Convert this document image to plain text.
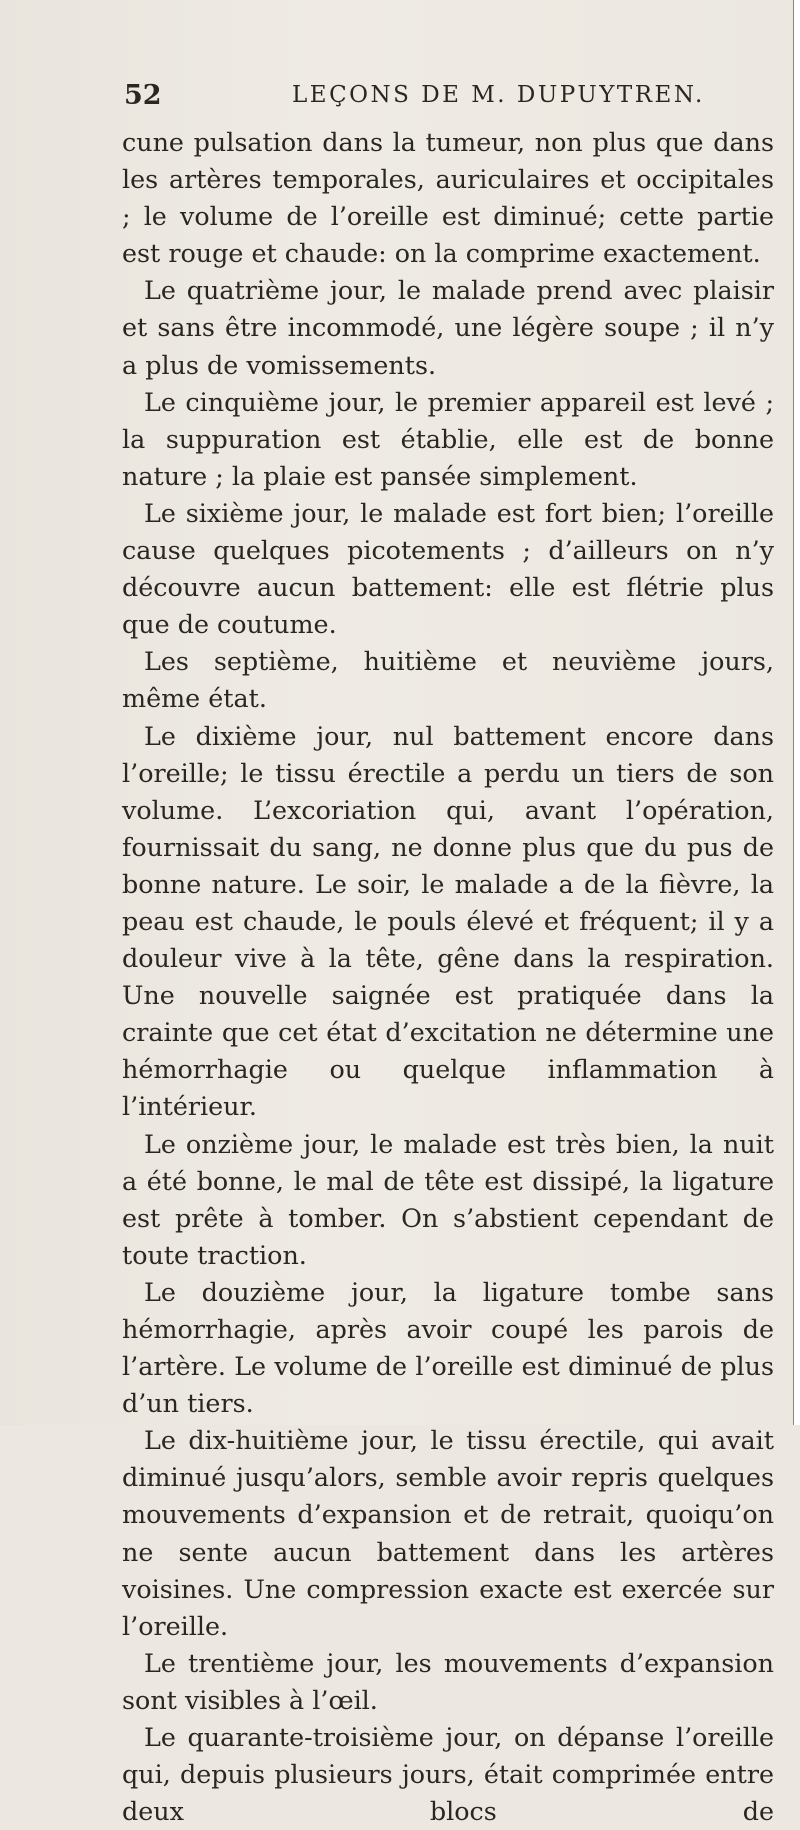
52	LEÇONS DE M. DUPUYTREN.

cune pulsation dans la tumeur, non plus que dans les artères temporales, auriculaires et occipitales ; le volume de l’oreille est diminué; cette partie est rouge et chaude: on la comprime exactement.

Le quatrième jour, le malade prend avec plaisir et sans être incommodé, une légère soupe ; il n’y a plus de vomissements.

Le cinquième jour, le premier appareil est levé ; la suppuration est établie, elle est de bonne nature ; la plaie est pansée simplement.

Le sixième jour, le malade est fort bien; l’oreille cause quelques picotements ; d’ailleurs on n’y découvre aucun battement: elle est flétrie plus que de coutume.

Les septième, huitième et neuvième jours, même état.

Le dixième jour, nul battement encore dans l’oreille; le tissu érectile a perdu un tiers de son volume. L’excoriation qui, avant l’opération, fournissait du sang, ne donne plus que du pus de bonne nature. Le soir, le malade a de la fièvre, la peau est chaude, le pouls élevé et fréquent; il y a douleur vive à la tête, gêne dans la respiration. Une nouvelle saignée est pratiquée dans la crainte que cet état d’excitation ne détermine une hémorrhagie ou quelque inflammation à l’intérieur.

Le onzième jour, le malade est très bien, la nuit a été bonne, le mal de tête est dissipé, la ligature est prête à tomber. On s’abstient cependant de toute traction.

Le douzième jour, la ligature tombe sans hémorrhagie, après avoir coupé les parois de l’artère. Le volume de l’oreille est diminué de plus d’un tiers.

Le dix-huitième jour, le tissu érectile, qui avait diminué jusqu’alors, semble avoir repris quelques mouvements d’expansion et de retrait, quoiqu’on ne sente aucun battement dans les artères voisines. Une compression exacte est exercée sur l’oreille.

Le trentième jour, les mouvements d’expansion sont visibles à l’œil.

Le quarante-troisième jour, on dépanse l’oreille qui, depuis plusieurs jours, était comprimée entre deux blocs de
